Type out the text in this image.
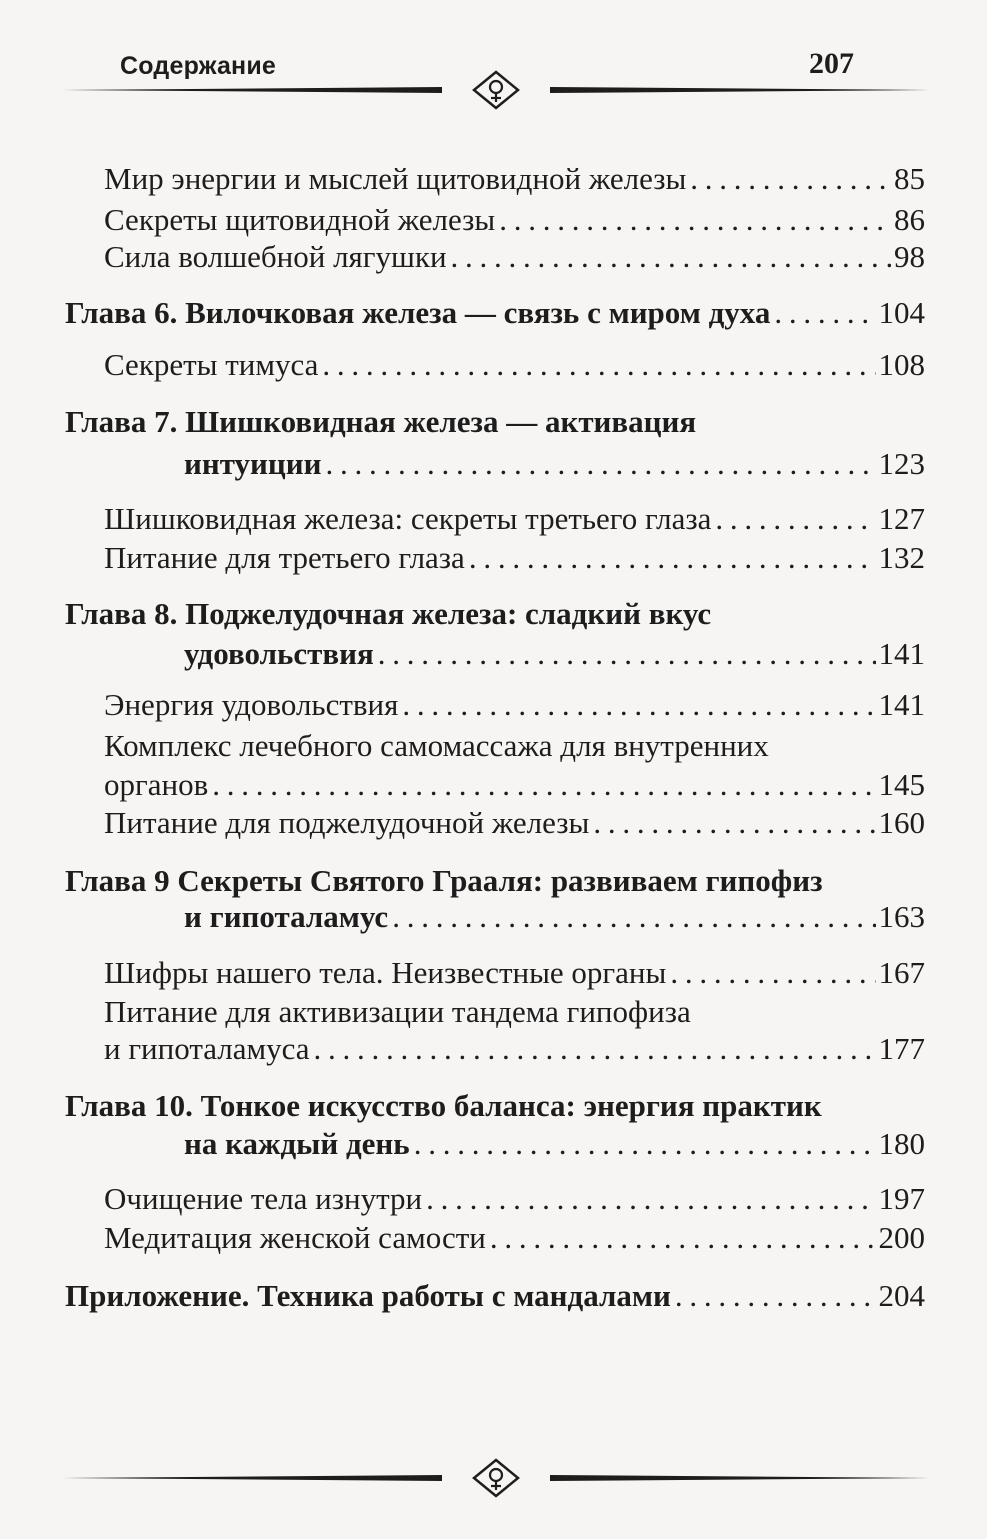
Содержание	207
Мир энергии и мыслей щитовидной железы . . .	85
Секреты щитовидной железы . . .	86
Сила волшебной лягушки . . .	98
Глава 6. Вилочковая железа — связь с миром духа . . .	104
Секреты тимуса . . .	108
Глава 7. Шишковидная железа — активация
интуиции . . .	123
Шишковидная железа: секреты третьего глаза . . .	127
Питание для третьего глаза . . .	132
Глава 8. Поджелудочная железа: сладкий вкус
удовольствия . . .	141
Энергия удовольствия . . .	141
Комплекс лечебного самомассажа для внутренних
органов . . .	145
Питание для поджелудочной железы . . .	160
Глава 9 Секреты Святого Грааля: развиваем гипофиз
и гипоталамус . . .	163
Шифры нашего тела. Неизвестные органы . . .	167
Питание для активизации тандема гипофиза
и гипоталамуса . . .	177
Глава 10. Тонкое искусство баланса: энергия практик
на каждый день . . .	180
Очищение тела изнутри . . .	197
Медитация женской самости . . .	200
Приложение. Техника работы с мандалами . . .	204
